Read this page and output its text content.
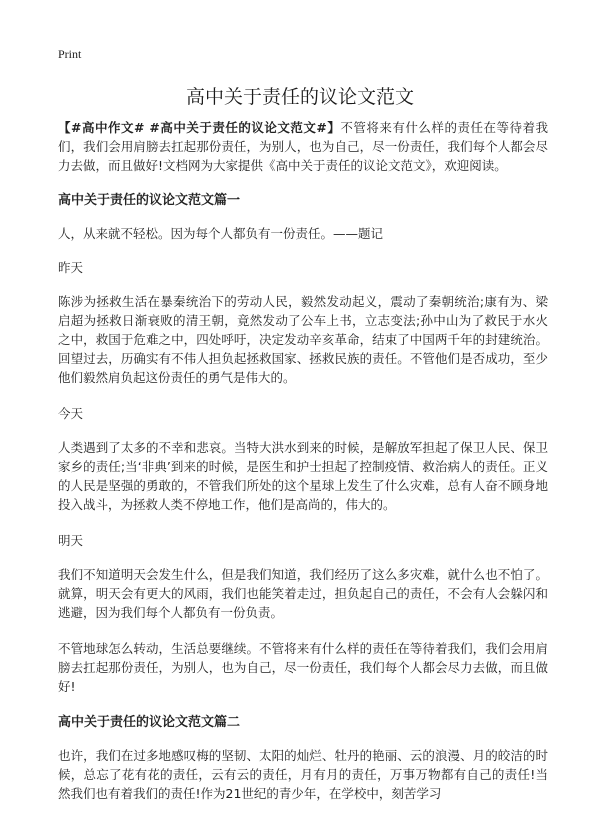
Print
高中关于责任的议论文范文

【#高中作文# #高中关于责任的议论文范文#】不管将来有什么样的责任在等待着我们，我们会用肩膀去扛起那份责任，为别人，也为自己，尽一份责任，我们每个人都会尽力去做，而且做好!文档网为大家提供《高中关于责任的议论文范文》，欢迎阅读。

高中关于责任的议论文范文篇一

人，从来就不轻松。因为每个人都负有一份责任。——题记

昨天

陈涉为拯救生活在暴秦统治下的劳动人民，毅然发动起义，震动了秦朝统治;康有为、梁启超为拯救日渐衰败的清王朝，竟然发动了公车上书，立志变法;孙中山为了救民于水火之中，救国于危难之中，四处呼吁，决定发动辛亥革命，结束了中国两千年的封建统治。回望过去，历确实有不伟人担负起拯救国家、拯救民族的责任。不管他们是否成功，至少他们毅然肩负起这份责任的勇气是伟大的。

今天

人类遇到了太多的不幸和悲哀。当特大洪水到来的时候，是解放军担起了保卫人民、保卫家乡的责任;当‘非典’到来的时候，是医生和护士担起了控制疫情、救治病人的责任。正义的人民是坚强的勇敢的，不管我们所处的这个星球上发生了什么灾难，总有人奋不顾身地投入战斗，为拯救人类不停地工作，他们是高尚的，伟大的。

明天

我们不知道明天会发生什么，但是我们知道，我们经历了这么多灾难，就什么也不怕了。就算，明天会有更大的风雨，我们也能笑着走过，担负起自己的责任，不会有人会躲闪和逃避，因为我们每个人都负有一份负责。

不管地球怎么转动，生活总要继续。不管将来有什么样的责任在等待着我们，我们会用肩膀去扛起那份责任，为别人，也为自己，尽一份责任，我们每个人都会尽力去做，而且做好!

高中关于责任的议论文范文篇二

也许，我们在过多地感叹梅的坚韧、太阳的灿烂、牡丹的艳丽、云的浪漫、月的皎洁的时候，总忘了花有花的责任，云有云的责任，月有月的责任，万事万物都有自己的责任!当然我们也有着我们的责任!作为21世纪的青少年，在学校中，刻苦学习
